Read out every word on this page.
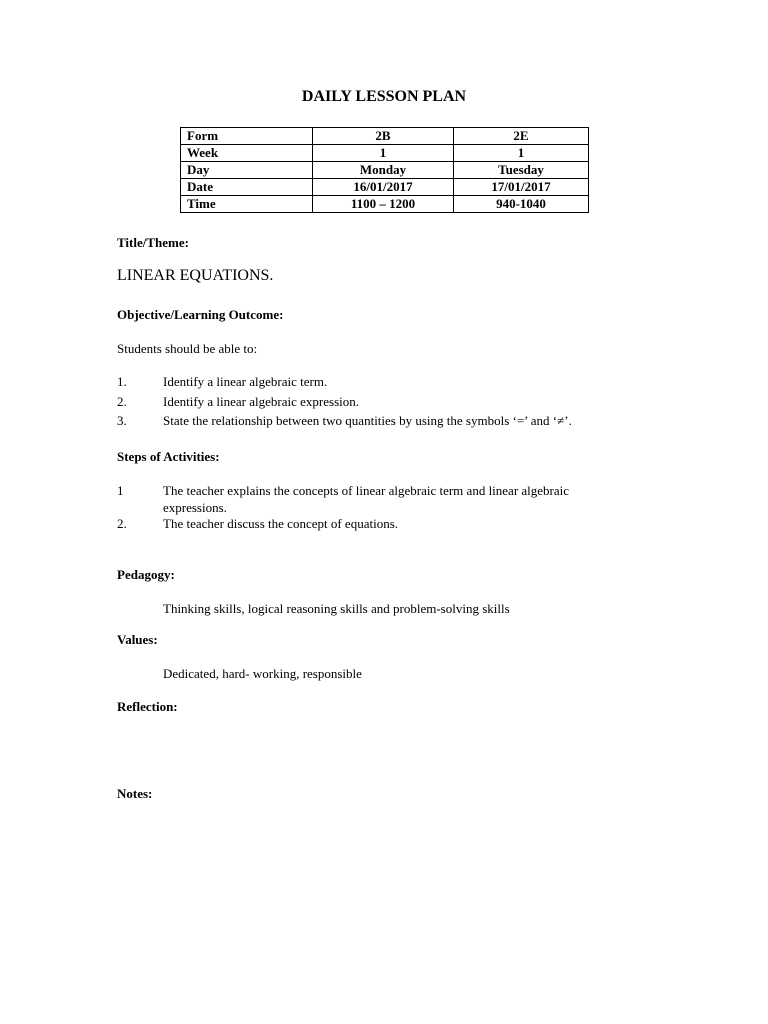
DAILY LESSON PLAN
Form	2B	2E
Week	1	1
Day	Monday	Tuesday
Date	16/01/2017	17/01/2017
Time	1100 – 1200	940-1040
Title/Theme:
LINEAR EQUATIONS.
Objective/Learning Outcome:
Students should be able to:
1.	Identify a linear algebraic term.
2.	Identify a linear algebraic expression.
3.	State the relationship between two quantities by using the symbols ‘=’ and ‘≠’.
Steps of Activities:
1	The teacher explains the concepts of linear algebraic term and linear algebraic
expressions.
2.	The teacher discuss the concept of equations.
Pedagogy:
Thinking skills, logical reasoning skills and problem-solving skills
Values:
Dedicated, hard- working, responsible
Reflection:
Notes:
